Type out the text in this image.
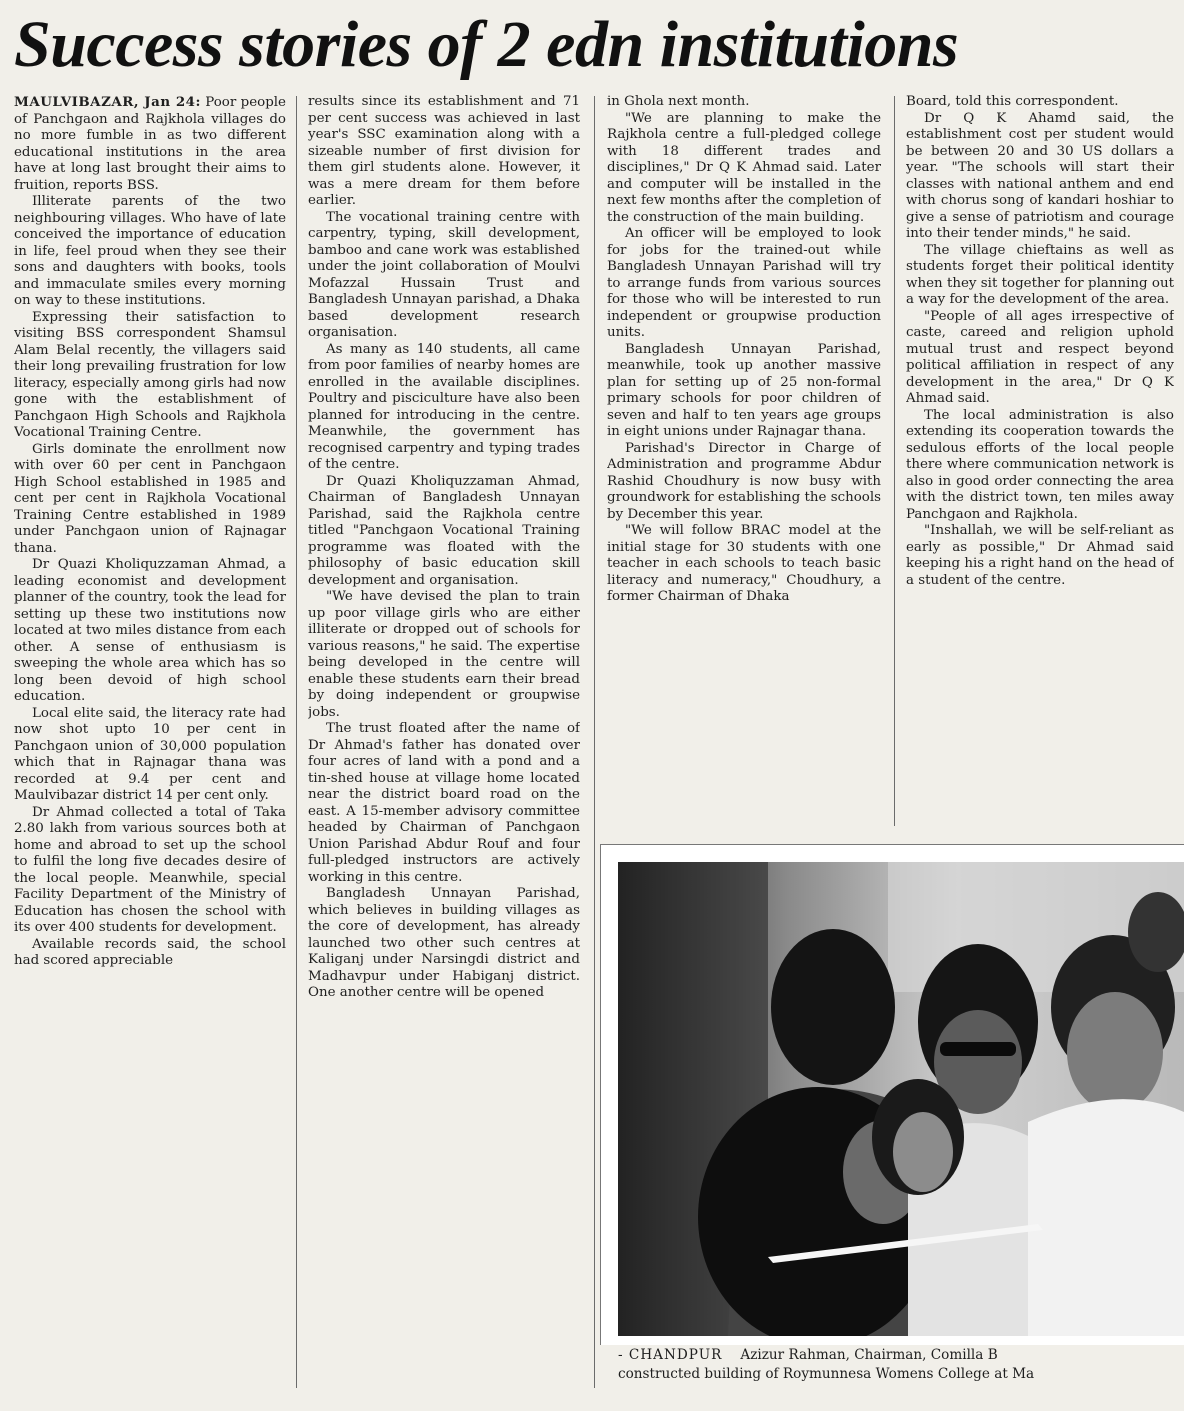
Success stories of 2 edn institutions

MAULVIBAZAR, Jan 24: Poor people of Panchgaon and Rajkhola villages do no more fumble in as two different educational institutions in the area have at long last brought their aims to fruition, reports BSS.

Illiterate parents of the two neighbouring villages. Who have of late conceived the importance of education in life, feel proud when they see their sons and daughters with books, tools and immaculate smiles every morning on way to these institutions.

Expressing their satisfaction to visiting BSS correspondent Shamsul Alam Belal recently, the villagers said their long prevailing frustration for low literacy, especially among girls had now gone with the establishment of Panchgaon High Schools and Rajkhola Vocational Training Centre.

Girls dominate the enrollment now with over 60 per cent in Panchgaon High School established in 1985 and cent per cent in Rajkhola Vocational Training Centre established in 1989 under Panchgaon union of Rajnagar thana.

Dr Quazi Kholiquzzaman Ahmad, a leading economist and development planner of the country, took the lead for setting up these two institutions now located at two miles distance from each other. A sense of enthusiasm is sweeping the whole area which has so long been devoid of high school education.

Local elite said, the literacy rate had now shot upto 10 per cent in Panchgaon union of 30,000 population which that in Rajnagar thana was recorded at 9.4 per cent and Maulvibazar district 14 per cent only.

Dr Ahmad collected a total of Taka 2.80 lakh from various sources both at home and abroad to set up the school to fulfil the long five decades desire of the local people. Meanwhile, special Facility Department of the Ministry of Education has chosen the school with its over 400 students for development.

Available records said, the school had scored appreciable

results since its establishment and 71 per cent success was achieved in last year's SSC examination along with a sizeable number of first division for them girl students alone. However, it was a mere dream for them before earlier.

The vocational training centre with carpentry, typing, skill development, bamboo and cane work was established under the joint collaboration of Moulvi Mofazzal Hussain Trust and Bangladesh Unnayan parishad, a Dhaka based development research organisation.

As many as 140 students, all came from poor families of nearby homes are enrolled in the available disciplines. Poultry and pisciculture have also been planned for introducing in the centre. Meanwhile, the government has recognised carpentry and typing trades of the centre.

Dr Quazi Kholiquzzaman Ahmad, Chairman of Bangladesh Unnayan Parishad, said the Rajkhola centre titled "Panchgaon Vocational Training programme was floated with the philosophy of basic education skill development and organisation.

"We have devised the plan to train up poor village girls who are either illiterate or dropped out of schools for various reasons," he said. The expertise being developed in the centre will enable these students earn their bread by doing independent or groupwise jobs.

The trust floated after the name of Dr Ahmad's father has donated over four acres of land with a pond and a tin-shed house at village home located near the district board road on the east. A 15-member advisory committee headed by Chairman of Panchgaon Union Parishad Abdur Rouf and four full-pledged instructors are actively working in this centre.

Bangladesh Unnayan Parishad, which believes in building villages as the core of development, has already launched two other such centres at Kaliganj under Narsingdi district and Madhavpur under Habiganj district. One another centre will be opened

in Ghola next month.

"We are planning to make the Rajkhola centre a full-pledged college with 18 different trades and disciplines," Dr Q K Ahmad said. Later and computer will be installed in the next few months after the completion of the construction of the main building.

An officer will be employed to look for jobs for the trained-out while Bangladesh Unnayan Parishad will try to arrange funds from various sources for those who will be interested to run independent or groupwise production units.

Bangladesh Unnayan Parishad, meanwhile, took up another massive plan for setting up of 25 non-formal primary schools for poor children of seven and half to ten years age groups in eight unions under Rajnagar thana.

Parishad's Director in Charge of Administration and programme Abdur Rashid Choudhury is now busy with groundwork for establishing the schools by December this year.

"We will follow BRAC model at the initial stage for 30 students with one teacher in each schools to teach basic literacy and numeracy," Choudhury, a former Chairman of Dhaka

Board, told this correspondent.

Dr Q K Ahamd said, the establishment cost per student would be between 20 and 30 US dollars a year. "The schools will start their classes with national anthem and end with chorus song of kandari hoshiar to give a sense of patriotism and courage into their tender minds," he said.

The village chieftains as well as students forget their political identity when they sit together for planning out a way for the development of the area.

"People of all ages irrespective of caste, careed and religion uphold mutual trust and respect beyond political affiliation in respect of any development in the area," Dr Q K Ahmad said.

The local administration is also extending its cooperation towards the sedulous efforts of the local people there where communication network is also in good order connecting the area with the district town, ten miles away Panchgaon and Rajkhola.

"Inshallah, we will be self-reliant as early as possible," Dr Ahmad said keeping his a right hand on the head of a student of the centre.

- CHANDPUR Azizur Rahman, Chairman, Comilla B
constructed building of Roymunnesa Womens College at Ma
